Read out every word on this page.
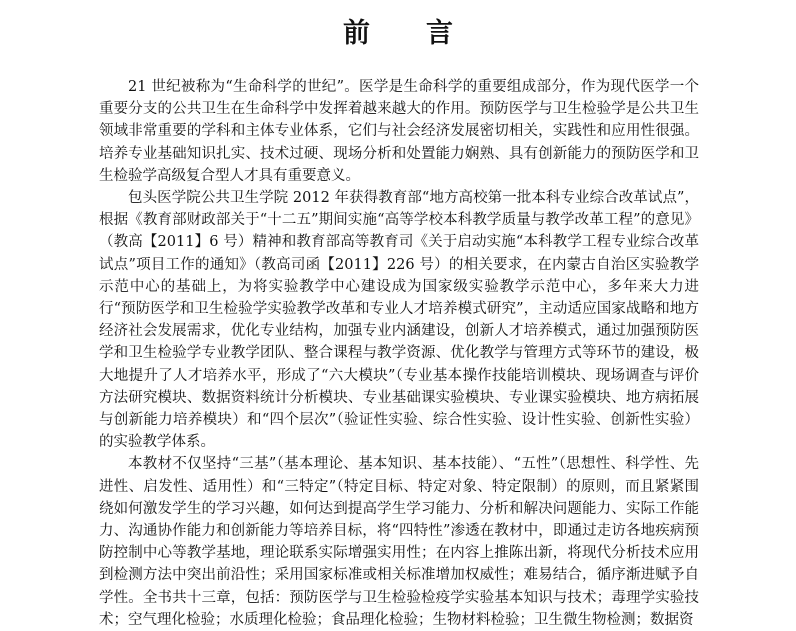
前 言

21 世纪被称为“生命科学的世纪”。医学是生命科学的重要组成部分，作为现代医学一个重要分支的公共卫生在生命科学中发挥着越来越大的作用。预防医学与卫生检验学是公共卫生领域非常重要的学科和主体专业体系，它们与社会经济发展密切相关，实践性和应用性很强。培养专业基础知识扎实、技术过硬、现场分析和处置能力娴熟、具有创新能力的预防医学和卫生检验学高级复合型人才具有重要意义。

包头医学院公共卫生学院 2012 年获得教育部“地方高校第一批本科专业综合改革试点”，根据《教育部财政部关于“十二五”期间实施“高等学校本科教学质量与教学改革工程”的意见》（教高【2011】6 号）精神和教育部高等教育司《关于启动实施“本科教学工程专业综合改革试点”项目工作的通知》（教高司函【2011】226 号）的相关要求，在内蒙古自治区实验教学示范中心的基础上，为将实验教学中心建设成为国家级实验教学示范中心，多年来大力进行“预防医学和卫生检验学实验教学改革和专业人才培养模式研究”，主动适应国家战略和地方经济社会发展需求，优化专业结构，加强专业内涵建设，创新人才培养模式，通过加强预防医学和卫生检验学专业教学团队、整合课程与教学资源、优化教学与管理方式等环节的建设，极大地提升了人才培养水平，形成了“六大模块”（专业基本操作技能培训模块、现场调查与评价方法研究模块、数据资料统计分析模块、专业基础课实验模块、专业课实验模块、地方病拓展与创新能力培养模块）和“四个层次”（验证性实验、综合性实验、设计性实验、创新性实验）的实验教学体系。

本教材不仅坚持“三基”（基本理论、基本知识、基本技能）、“五性”（思想性、科学性、先进性、启发性、适用性）和“三特定”（特定目标、特定对象、特定限制）的原则，而且紧紧围绕如何激发学生的学习兴趣，如何达到提高学生学习能力、分析和解决问题能力、实际工作能力、沟通协作能力和创新能力等培养目标，将“四特性”渗透在教材中，即通过走访各地疾病预防控制中心等教学基地，理论联系实际增强实用性；在内容上推陈出新，将现代分析技术应用到检测方法中突出前沿性；采用国家标准或相关标准增加权威性；难易结合，循序渐进赋予自学性。全书共十三章，包括：预防医学与卫生检验检疫学实验基本知识与技术；毒理学实验技术；空气理化检验；水质理化检验；食品理化检验；生物材料检验；卫生微生物检测；数据资
